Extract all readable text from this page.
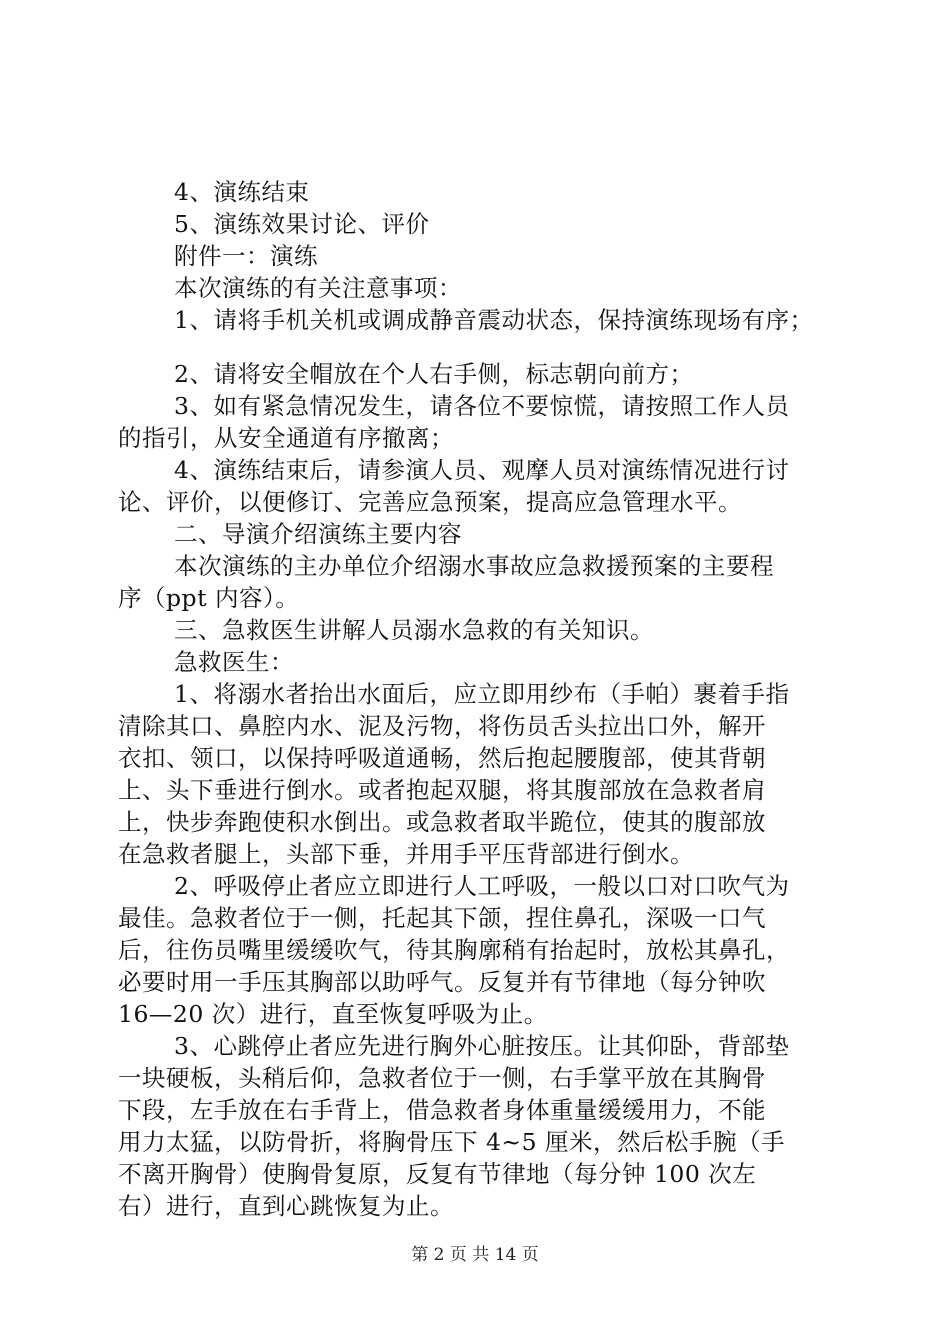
4、演练结束
5、演练效果讨论、评价
附件一：演练
本次演练的有关注意事项：
1、请将手机关机或调成静音震动状态，保持演练现场有序；
2、请将安全帽放在个人右手侧，标志朝向前方；
3、如有紧急情况发生，请各位不要惊慌，请按照工作人员
的指引，从安全通道有序撤离；
4、演练结束后，请参演人员、观摩人员对演练情况进行讨
论、评价，以便修订、完善应急预案，提高应急管理水平。
二、导演介绍演练主要内容
本次演练的主办单位介绍溺水事故应急救援预案的主要程
序（ppt 内容）。
三、急救医生讲解人员溺水急救的有关知识。
急救医生：
1、将溺水者抬出水面后，应立即用纱布（手帕）裹着手指
清除其口、鼻腔内水、泥及污物，将伤员舌头拉出口外，解开
衣扣、领口，以保持呼吸道通畅，然后抱起腰腹部，使其背朝
上、头下垂进行倒水。或者抱起双腿，将其腹部放在急救者肩
上，快步奔跑使积水倒出。或急救者取半跪位，使其的腹部放
在急救者腿上，头部下垂，并用手平压背部进行倒水。
2、呼吸停止者应立即进行人工呼吸，一般以口对口吹气为
最佳。急救者位于一侧，托起其下颌，捏住鼻孔，深吸一口气
后，往伤员嘴里缓缓吹气，待其胸廓稍有抬起时，放松其鼻孔，
必要时用一手压其胸部以助呼气。反复并有节律地（每分钟吹
16—20 次）进行，直至恢复呼吸为止。
3、心跳停止者应先进行胸外心脏按压。让其仰卧，背部垫
一块硬板，头稍后仰，急救者位于一侧，右手掌平放在其胸骨
下段，左手放在右手背上，借急救者身体重量缓缓用力，不能
用力太猛，以防骨折，将胸骨压下 4~5 厘米，然后松手腕（手
不离开胸骨）使胸骨复原，反复有节律地（每分钟 100 次左
右）进行，直到心跳恢复为止。
第 2 页 共 14 页
